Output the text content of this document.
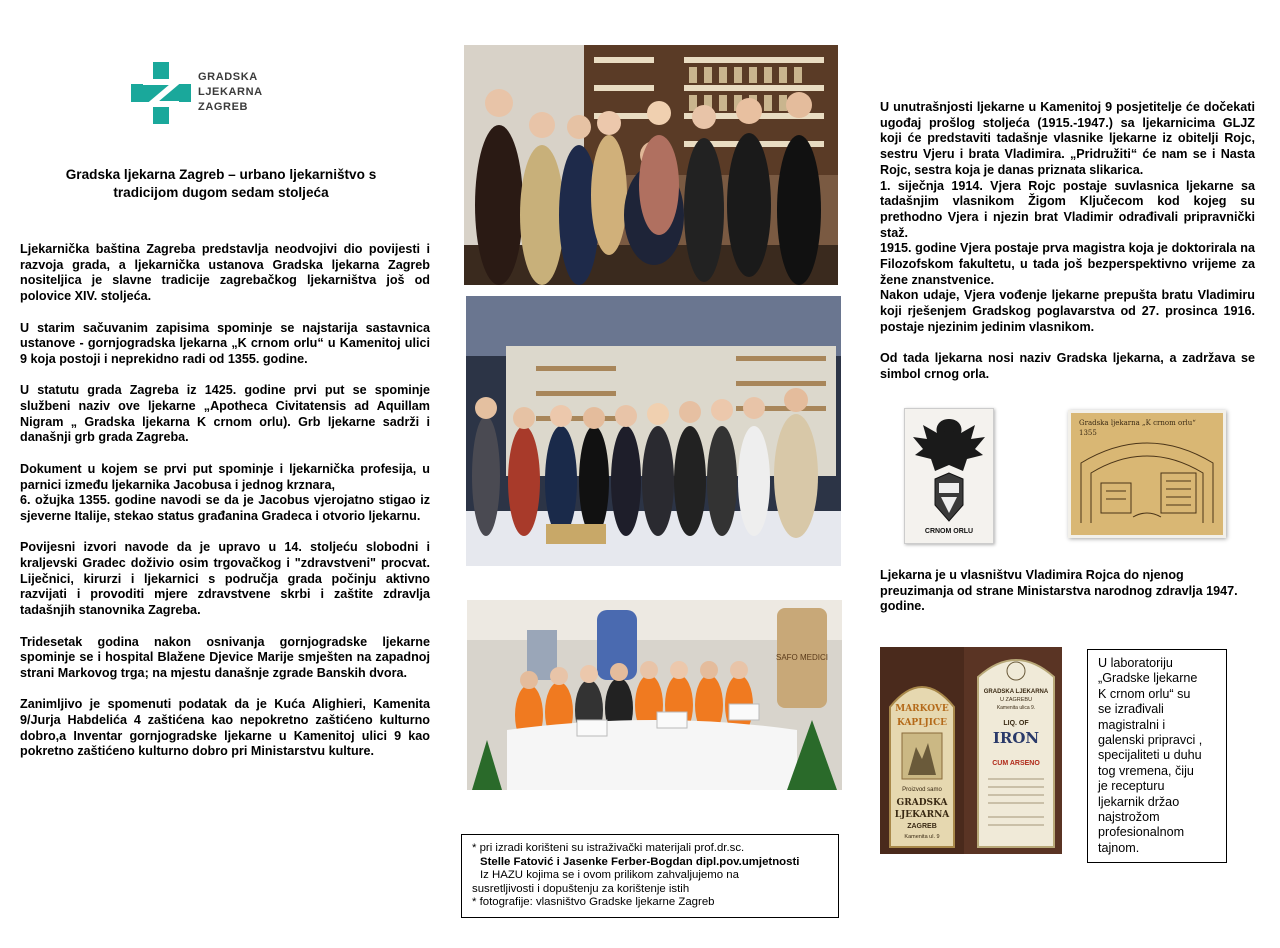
GRADSKA
LJEKARNA
ZAGREB
Gradska ljekarna Zagreb – urbano ljekarništvo s
tradicijom dugom sedam stoljeća

Ljekarnička baština Zagreba predstavlja neodvojivi dio povijesti i razvoja grada, a ljekarnička ustanova Gradska ljekarna Zagreb nositeljica je slavne tradicije zagrebačkog ljekarništva još od polovice XIV. stoljeća.

U starim sačuvanim zapisima spominje se najstarija sastavnica ustanove - gornjogradska ljekarna „K crnom orlu“ u Kamenitoj ulici 9 koja postoji i neprekidno radi od 1355. godine.

U statutu grada Zagreba iz 1425. godine prvi put se spominje službeni naziv ove ljekarne „Apotheca Civitatensis ad Aquillam Nigram „ Gradska ljekarna K crnom orlu). Grb ljekarne sadrži i današnji grb grada Zagreba.

Dokument u kojem se prvi put spominje i ljekarnička profesija, u parnici između ljekarnika Jacobusa i jednog krznara,
6. ožujka 1355. godine navodi se da je Jacobus vjerojatno stigao iz sjeverne Italije, stekao status građanina Gradeca i otvorio ljekarnu.

Povijesni izvori navode da je upravo u 14. stoljeću slobodni i kraljevski Gradec doživio osim trgovačkog i "zdravstveni" procvat. Liječnici, kirurzi i ljekarnici s područja grada počinju aktivno razvijati i provoditi mjere zdravstvene skrbi i zaštite zdravlja tadašnjih stanovnika Zagreba.

Tridesetak godina nakon osnivanja gornjogradske ljekarne spominje se i hospital Blažene Djevice Marije smješten na zapadnoj strani Markovog trga; na mjestu današnje zgrade Banskih dvora.

Zanimljivo je spomenuti podatak da je Kuća Alighieri, Kamenita 9/Jurja Habdelića 4 zaštićena kao nepokretno zaštićeno kulturno dobro,a Inventar gornjogradske ljekarne u Kamenitoj ulici 9 kao pokretno zaštićeno kulturno dobro pri Ministarstvu kulture.

SAFO MEDICI

U unutrašnjosti ljekarne u Kamenitoj 9 posjetitelje će dočekati ugođaj prošlog stoljeća (1915.-1947.) sa ljekarnicima GLJZ koji će predstaviti tadašnje vlasnike ljekarne iz obitelji Rojc, sestru Vjeru i brata Vladimira. „Pridružiti“ će nam se i Nasta Rojc, sestra koja je danas priznata slikarica.

1. siječnja 1914. Vjera Rojc postaje suvlasnica ljekarne sa tadašnjim vlasnikom Žigom Ključecom kod kojeg su prethodno Vjera i njezin brat Vladimir odrađivali pripravnički staž.

1915. godine Vjera postaje prva magistra koja je doktorirala na Filozofskom fakultetu, u tada još bezperspektivno vrijeme za žene znanstvenice.

Nakon udaje, Vjera vođenje ljekarne prepušta bratu Vladimiru koji rješenjem Gradskog poglavarstva od 27. prosinca 1916. postaje njezinim jedinim vlasnikom.

Od tada ljekarna nosi naziv Gradska ljekarna, a zadržava se simbol crnog orla.

CRNOM ORLU
Gradska ljekarna „K crnom orlu“
1355
Ljekarna je u vlasništvu Vladimira Rojca do njenog preuzimanja od strane Ministarstva narodnog zdravlja 1947. godine.
MARKOVE
KAPLJICE
Proizvod samo
GRADSKA
LJEKARNA
ZAGREB
Kamenita ul. 9
GRADSKA LJEKARNA
U ZAGREBU
Kamenita ulica 9.
LIQ. OF
IRON
CUM ARSENO
U laboratoriju
„Gradske ljekarne
K crnom orlu“ su
se izrađivali
magistralni i
galenski pripravci ,
specijaliteti u duhu
tog vremena, čiju
je recepturu
ljekarnik držao
najstrožom
profesionalnom
tajnom.
* pri izradi korišteni su istraživački materijali prof.dr.sc.
Stelle Fatović i Jasenke Ferber-Bogdan dipl.pov.umjetnosti
Iz HAZU kojima se i ovom prilikom zahvaljujemo na
susretljivosti i dopuštenju za korištenje istih
* fotografije: vlasništvo Gradske ljekarne Zagreb
